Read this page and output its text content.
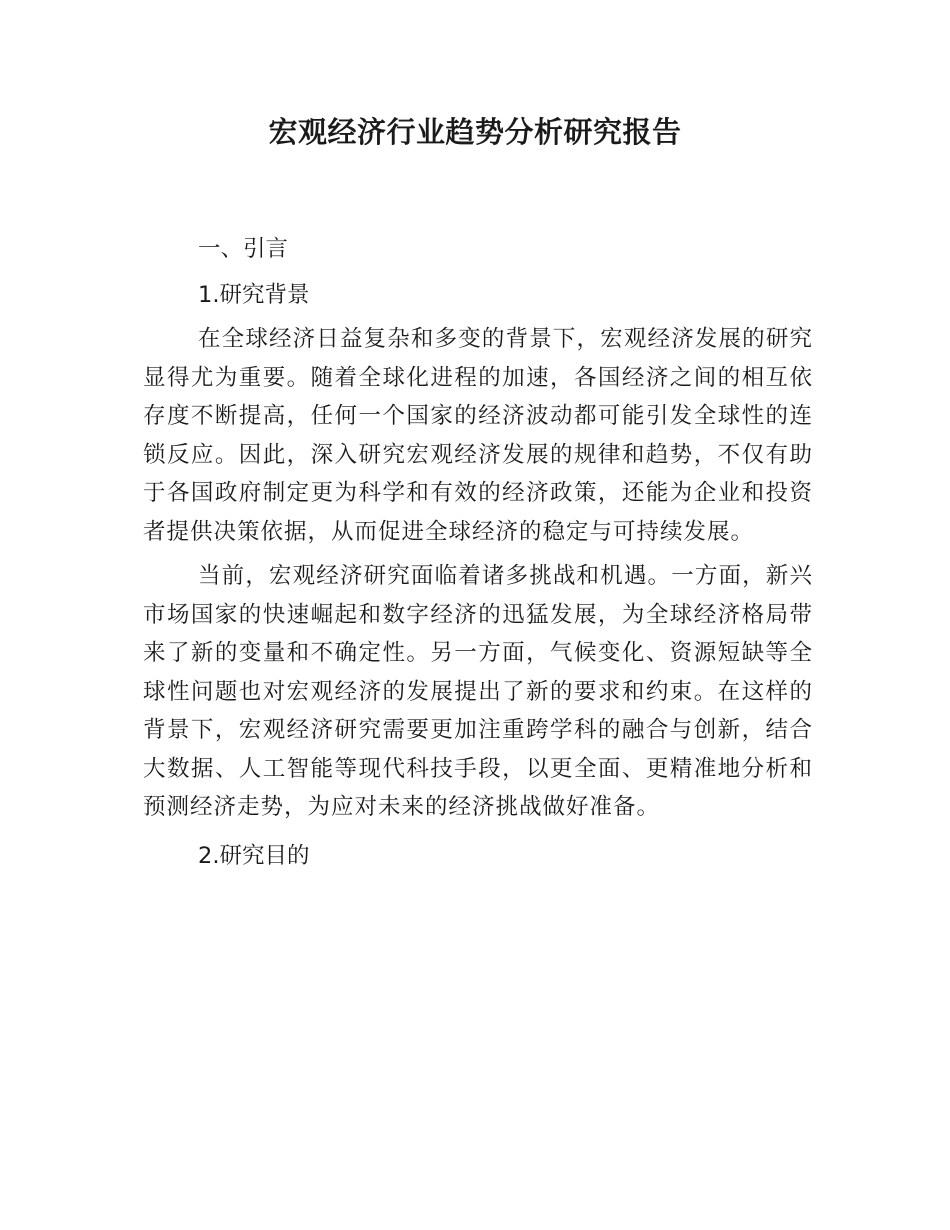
宏观经济行业趋势分析研究报告
一、引言
1.研究背景

在全球经济日益复杂和多变的背景下，宏观经济发展的研究显得尤为重要。随着全球化进程的加速，各国经济之间的相互依存度不断提高，任何一个国家的经济波动都可能引发全球性的连锁反应。因此，深入研究宏观经济发展的规律和趋势，不仅有助于各国政府制定更为科学和有效的经济政策，还能为企业和投资者提供决策依据，从而促进全球经济的稳定与可持续发展。

当前，宏观经济研究面临着诸多挑战和机遇。一方面，新兴市场国家的快速崛起和数字经济的迅猛发展，为全球经济格局带来了新的变量和不确定性。另一方面，气候变化、资源短缺等全球性问题也对宏观经济的发展提出了新的要求和约束。在这样的背景下，宏观经济研究需要更加注重跨学科的融合与创新，结合大数据、人工智能等现代科技手段，以更全面、更精准地分析和预测经济走势，为应对未来的经济挑战做好准备。

2.研究目的
